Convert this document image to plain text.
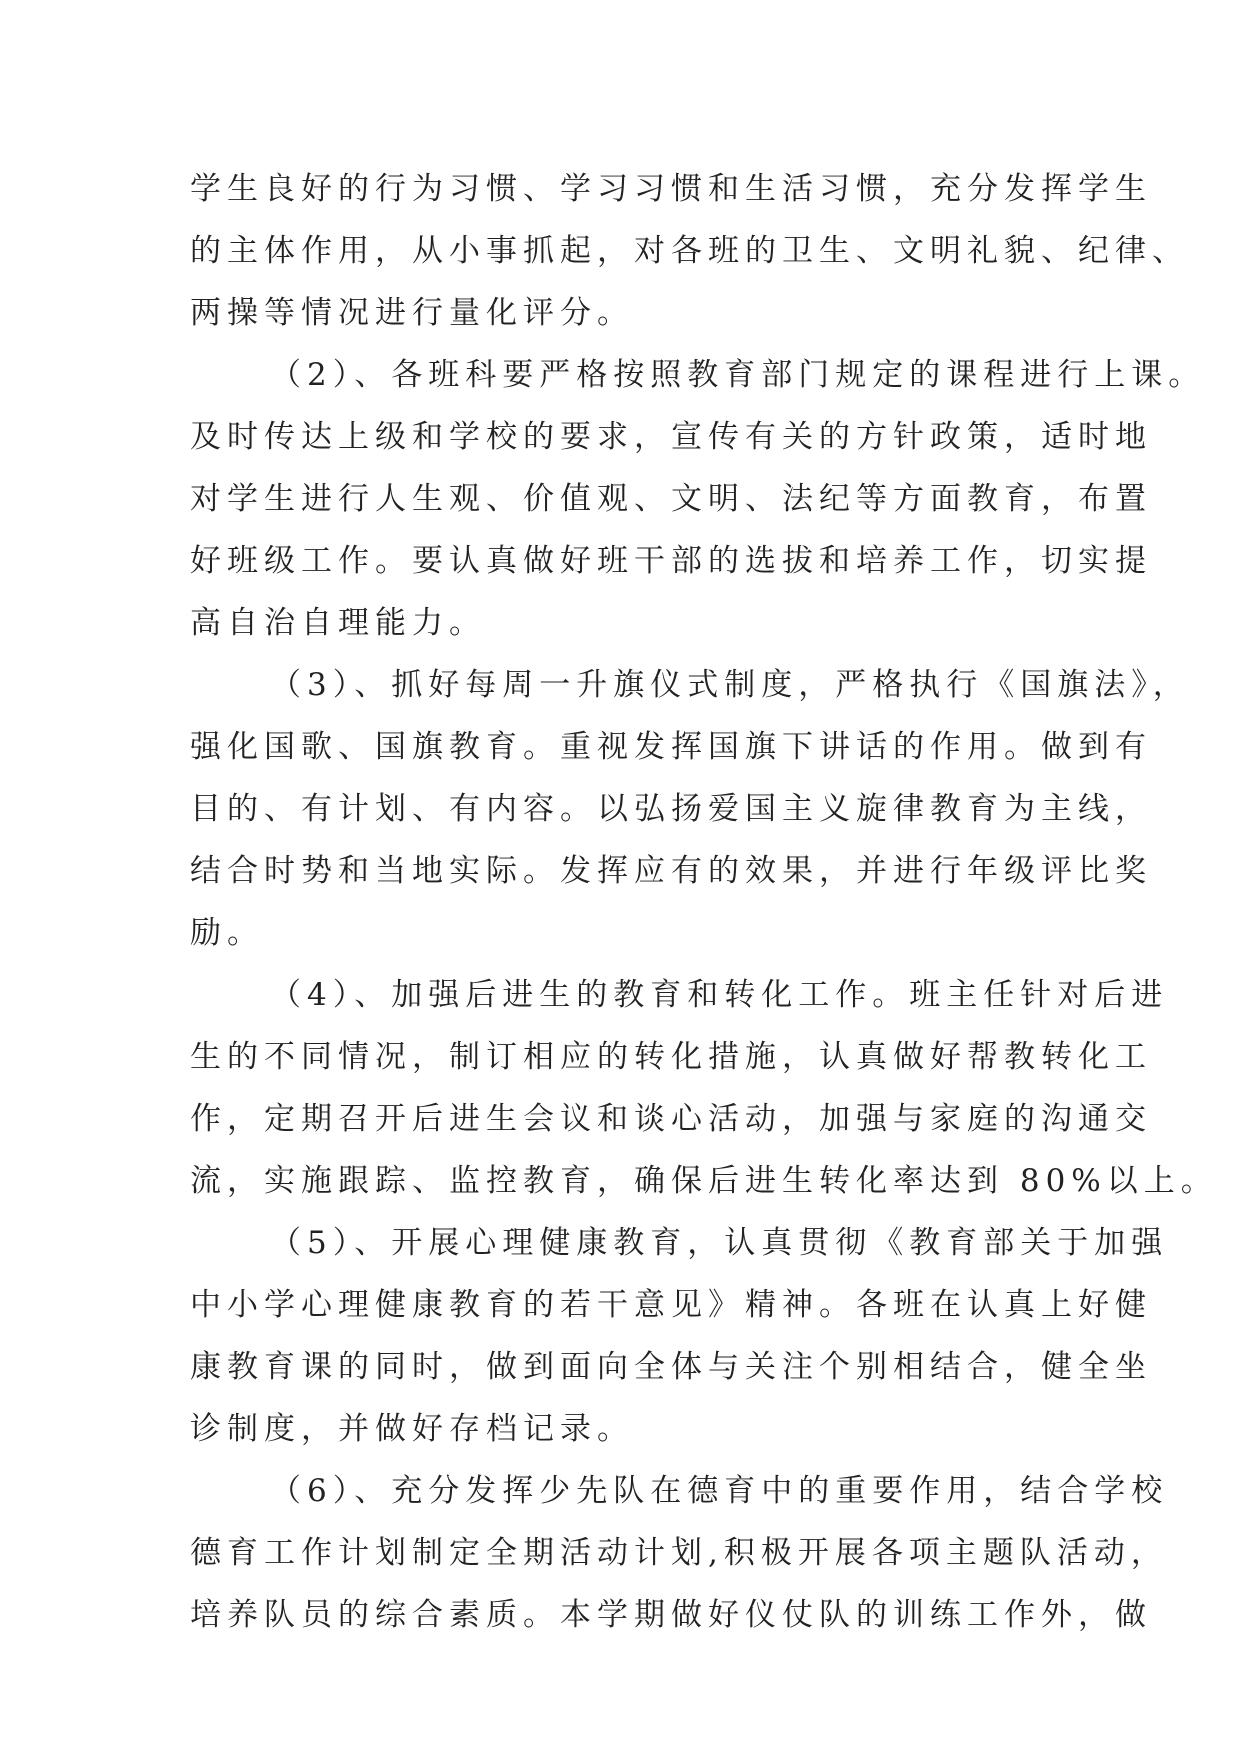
学生良好的行为习惯、学习习惯和生活习惯，充分发挥学生
的主体作用，从小事抓起，对各班的卫生、文明礼貌、纪律、
两操等情况进行量化评分。
（2）、各班科要严格按照教育部门规定的课程进行上课。
及时传达上级和学校的要求，宣传有关的方针政策，适时地
对学生进行人生观、价值观、文明、法纪等方面教育，布置
好班级工作。要认真做好班干部的选拔和培养工作，切实提
高自治自理能力。
（3）、抓好每周一升旗仪式制度，严格执行《国旗法》，
强化国歌、国旗教育。重视发挥国旗下讲话的作用。做到有
目的、有计划、有内容。以弘扬爱国主义旋律教育为主线，
结合时势和当地实际。发挥应有的效果，并进行年级评比奖
励。
（4）、加强后进生的教育和转化工作。班主任针对后进
生的不同情况，制订相应的转化措施，认真做好帮教转化工
作，定期召开后进生会议和谈心活动，加强与家庭的沟通交
流，实施跟踪、监控教育，确保后进生转化率达到 80%以上。
（5）、开展心理健康教育，认真贯彻《教育部关于加强
中小学心理健康教育的若干意见》精神。各班在认真上好健
康教育课的同时，做到面向全体与关注个别相结合，健全坐
诊制度，并做好存档记录。
（6）、充分发挥少先队在德育中的重要作用，结合学校
德育工作计划制定全期活动计划,积极开展各项主题队活动，
培养队员的综合素质。本学期做好仪仗队的训练工作外，做
